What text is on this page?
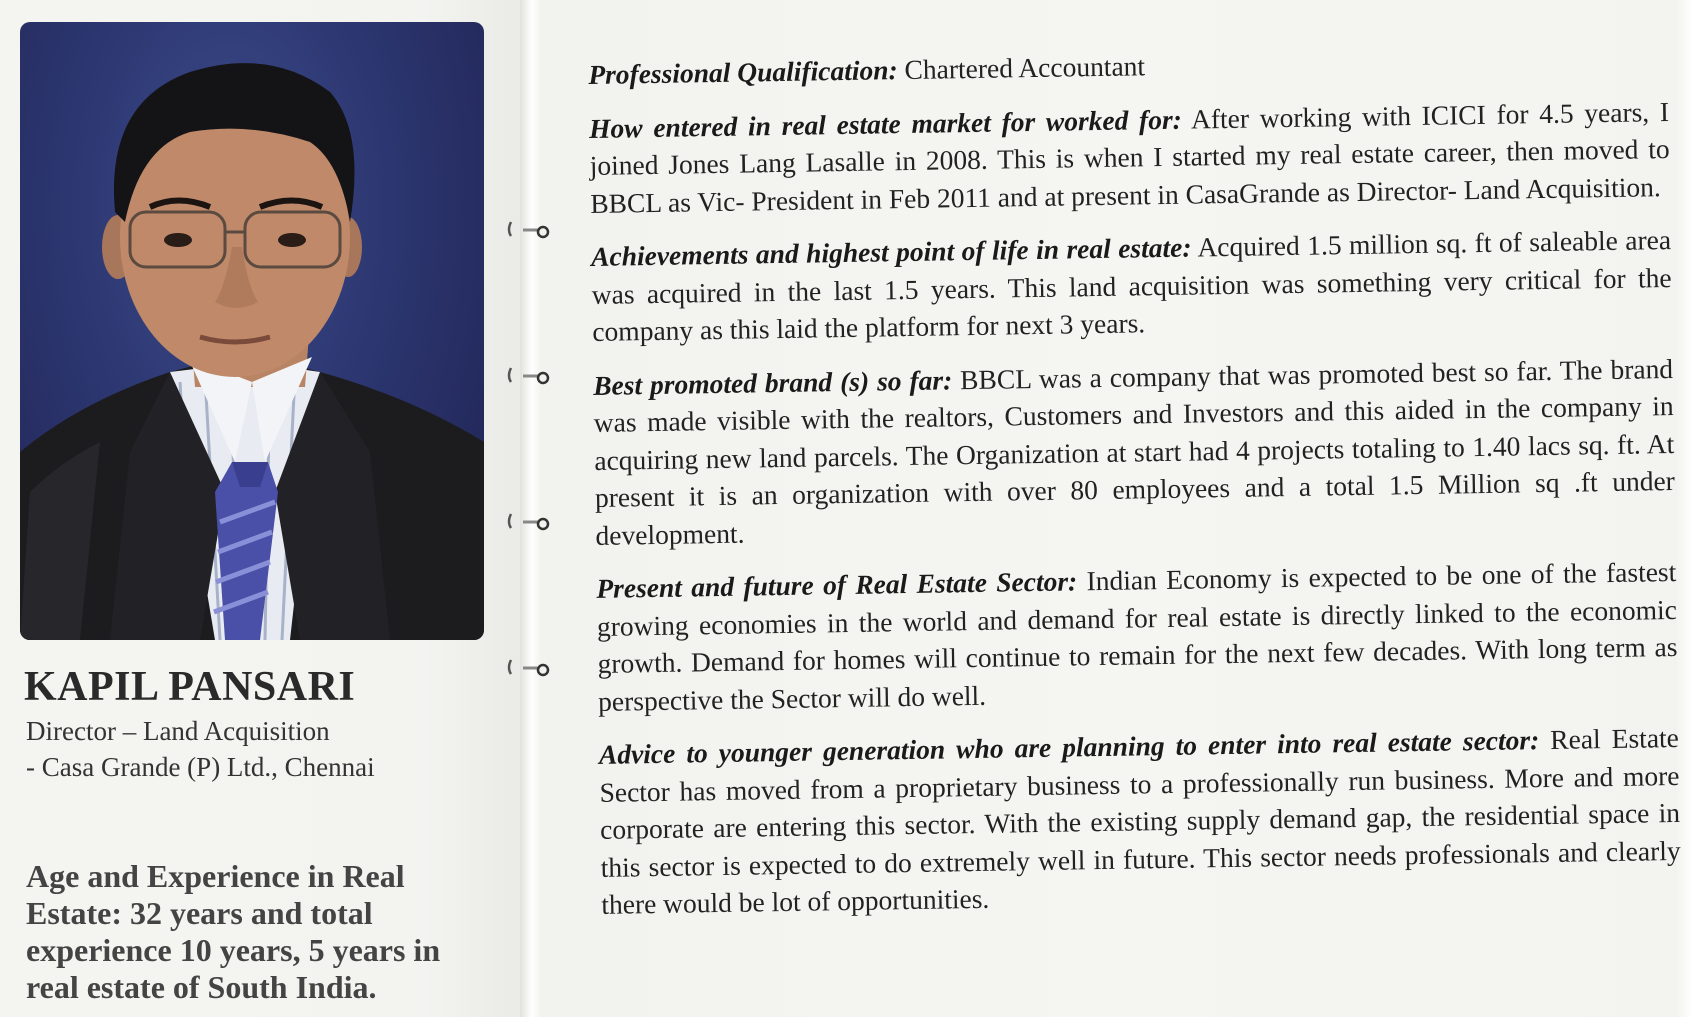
KAPIL PANSARI
Director – Land Acquisition
- Casa Grande (P) Ltd., Chennai
Age and Experience in Real Estate: 32 years and total experience 10 years, 5 years in real estate of South India.

Professional Qualification: Chartered Accountant

How entered in real estate market for worked for: After working with ICICI for 4.5 years, I joined Jones Lang Lasalle in 2008. This is when I started my real estate career, then moved to BBCL as Vic- President in Feb 2011 and at present in CasaGrande as Director- Land Acquisition.

Achievements and highest point of life in real estate: Acquired 1.5 million sq. ft of saleable area was acquired in the last 1.5 years. This land acquisition was something very critical for the company as this laid the platform for next 3 years.

Best promoted brand (s) so far: BBCL was a company that was promoted best so far. The brand was made visible with the realtors, Customers and Investors and this aided in the company in acquiring new land parcels. The Organization at start had 4 projects totaling to 1.40 lacs sq. ft. At present it is an organization with over 80 employees and a total 1.5 Million sq .ft under development.

Present and future of Real Estate Sector: Indian Economy is expected to be one of the fastest growing economies in the world and demand for real estate is directly linked to the economic growth. Demand for homes will continue to remain for the next few decades. With long term as perspective the Sector will do well.

Advice to younger generation who are planning to enter into real estate sector: Real Estate Sector has moved from a proprietary business to a professionally run business. More and more corporate are entering this sector. With the existing supply demand gap, the residential space in this sector is expected to do extremely well in future. This sector needs professionals and clearly there would be lot of opportunities.
